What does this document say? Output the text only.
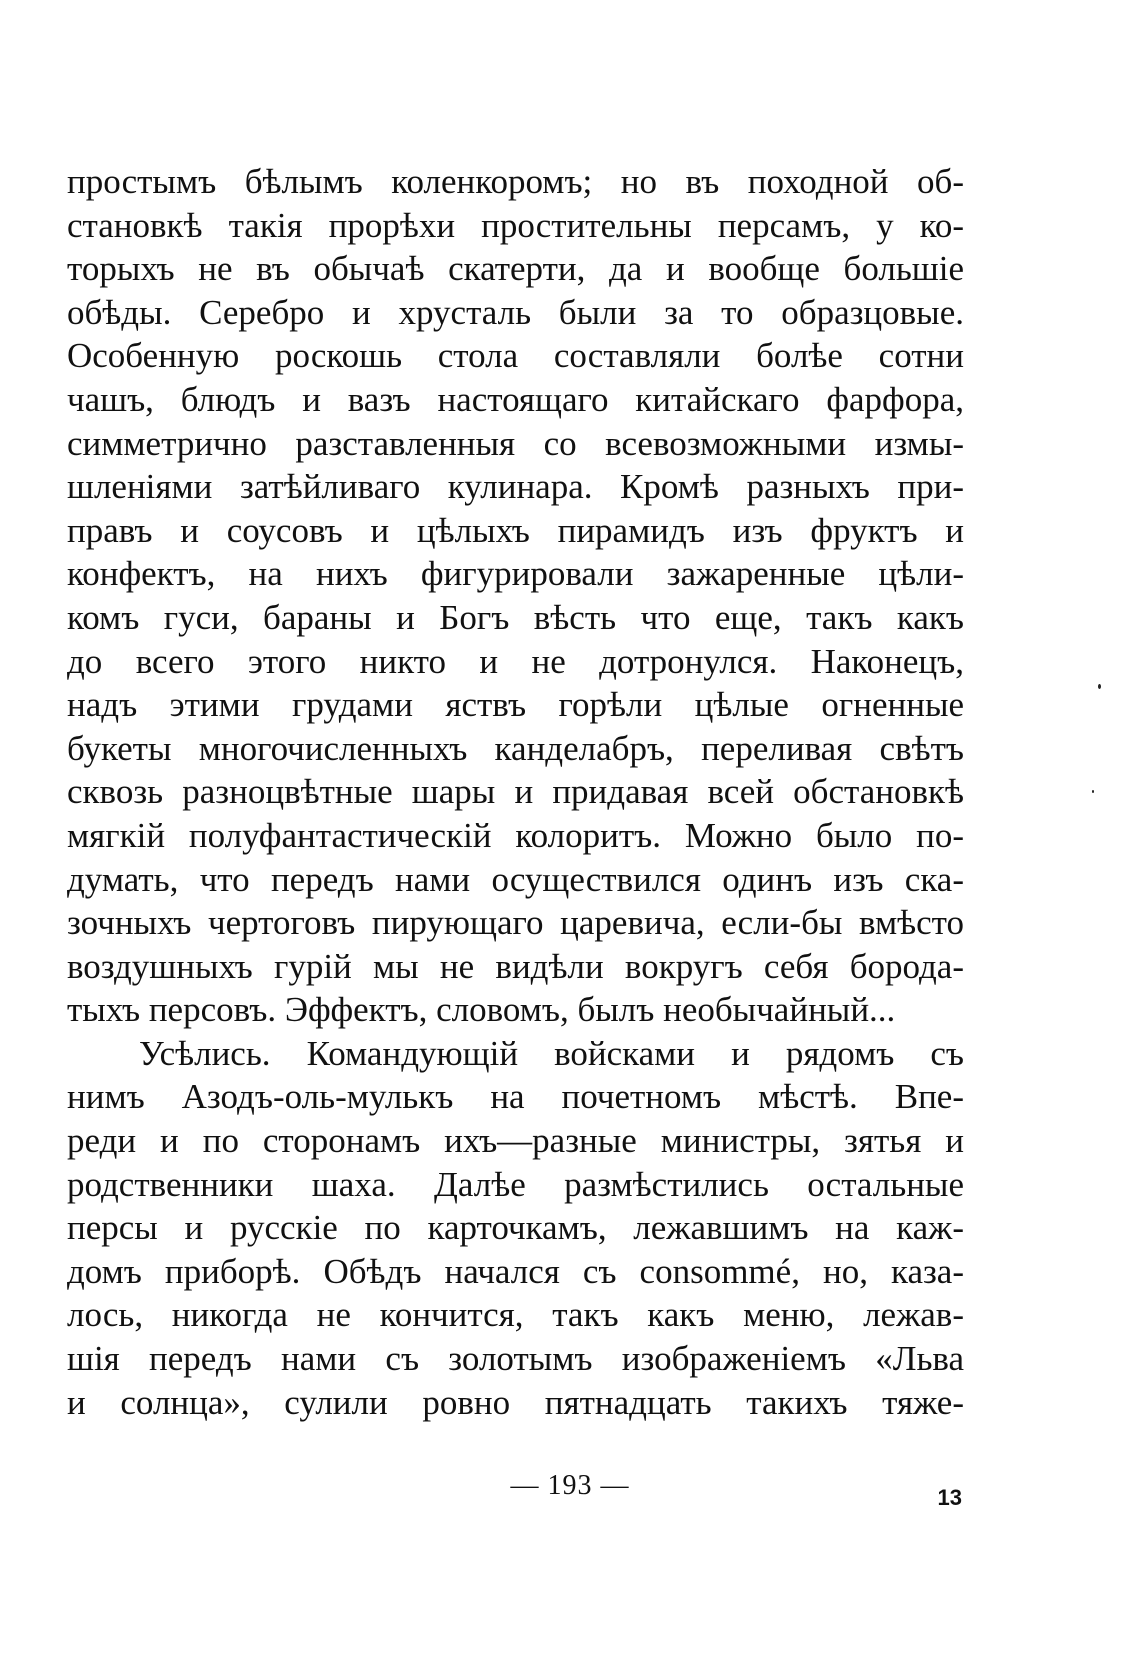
простымъ бѣлымъ коленкоромъ; но въ походной об-
становкѣ такія прорѣхи простительны персамъ, у ко-
торыхъ не въ обычаѣ скатерти, да и вообще большіе
обѣды. Серебро и хрусталь были за то образцовые.
Особенную роскошь стола составляли болѣе сотни
чашъ, блюдъ и вазъ настоящаго китайскаго фарфора,
симметрично разставленныя со всевозможными измы-
шленіями затѣйливаго кулинара. Кромѣ разныхъ при-
правъ и соусовъ и цѣлыхъ пирамидъ изъ фруктъ и
конфектъ, на нихъ фигурировали зажаренные цѣли-
комъ гуси, бараны и Богъ вѣсть что еще, такъ какъ
до всего этого никто и не дотронулся. Наконецъ,
надъ этими грудами яствъ горѣли цѣлые огненные
букеты многочисленныхъ канделабръ, переливая свѣтъ
сквозь разноцвѣтные шары и придавая всей обстановкѣ
мягкій полуфантастическій колоритъ. Можно было по-
думать, что передъ нами осуществился одинъ изъ ска-
зочныхъ чертоговъ пирующаго царевича, если-бы вмѣсто
воздушныхъ гурій мы не видѣли вокругъ себя борода-
тыхъ персовъ. Эффектъ, словомъ, былъ необычайный...
Усѣлись. Командующій войсками и рядомъ съ
нимъ Азодъ-оль-мулькъ на почетномъ мѣстѣ. Впе-
реди и по сторонамъ ихъ—разные министры, зятья и
родственники шаха. Далѣе размѣстились остальные
персы и русскіе по карточкамъ, лежавшимъ на каж-
домъ приборѣ. Обѣдъ начался съ consommé, но, каза-
лось, никогда не кончится, такъ какъ меню, лежав-
шія передъ нами съ золотымъ изображеніемъ «Льва
и солнца», сулили ровно пятнадцать такихъ тяже-
— 193 —	13
